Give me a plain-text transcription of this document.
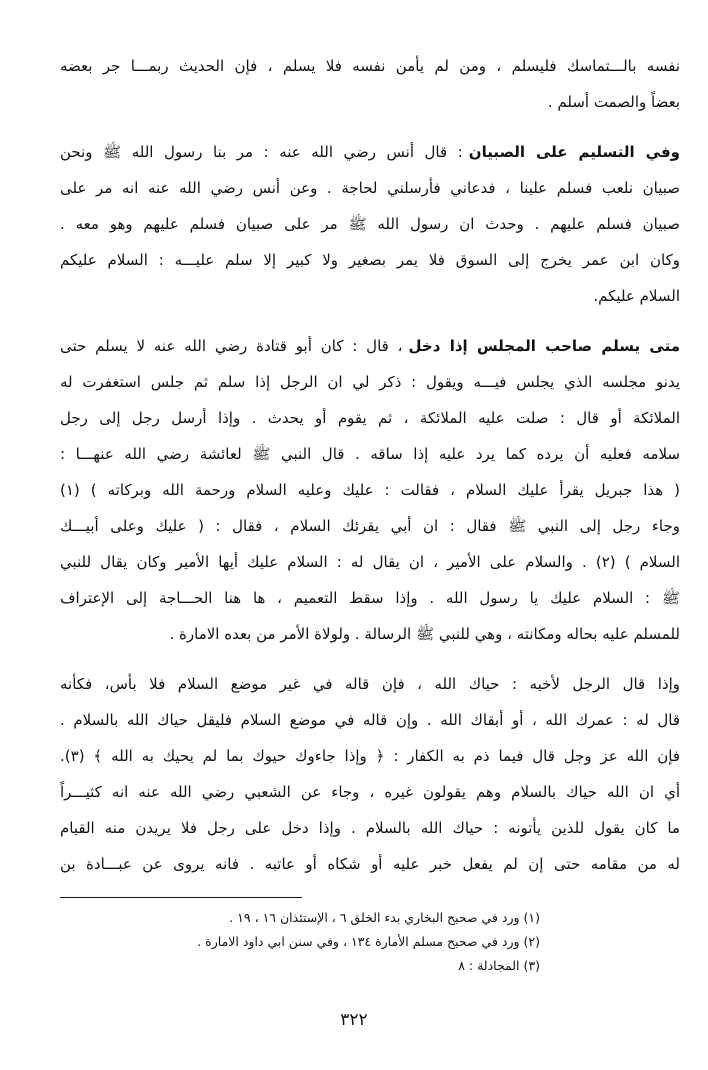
نفسه بالـــتماسك فليسلم ، ومن لم يأمن نفسه فلا يسلم ، فإن الحديث ربمـــا جر بعضه
بعضاً والصمت أسلم .
وفي التسليم على الصبيان: قال أنس رضي الله عنه : مر بنا رسول الله ﷺ ونحن
صبيان نلعب فسلم علينا ، فدعاني فأرسلني لحاجة . وعن أنس رضي الله عنه انه مر على
صبيان فسلم عليهم . وحدث ان رسول الله ﷺ مر على صبيان فسلم عليهم وهو معه .
وكان ابن عمر يخرج إلى السوق فلا يمر بصغير ولا كبير إلا سلم عليـــه : السلام عليكم
السلام عليكم.
متى يسلم صاحب المجلس إذا دخل، قال : كان أبو قتادة رضي الله عنه لا يسلم حتى
يدنو مجلسه الذي يجلس فيـــه ويقول : ذكر لي ان الرجل إذا سلم ثم جلس استغفرت له
الملائكة أو قال : صلت عليه الملائكة ، ثم يقوم أو يحدث . وإذا أرسل رجل إلى رجل
سلامه فعليه أن يرده كما يرد عليه إذا ساقه . قال النبي ﷺ لعائشة رضي الله عنهـــا :
( هذا جبريل يقرأ عليك السلام ، فقالت : عليك وعليه السلام ورحمة الله وبركاته ) (١)
وجاء رجل إلى النبي ﷺ فقال : ان أبي يقرئك السلام ، فقال : ( عليك وعلى أبيـــك
السلام ) (٢) . والسلام على الأمير ، ان يقال له : السلام عليك أيها الأمير وكان يقال للنبي
ﷺ : السلام عليك يا رسول الله . وإذا سقط التعميم ، ها هنا الحـــاجة إلى الإعتراف
للمسلم عليه بحاله ومكانته ، وهي للنبي ﷺ الرسالة . ولولاة الأمر من بعده الامارة .
وإذا قال الرجل لأخيه : حياك الله ، فإن قاله في غير موضع السلام فلا بأس، فكأنه
قال له : عمرك الله ، أو أبقاك الله . وإن قاله في موضع السلام فليقل حياك الله بالسلام .
فإن الله عز وجل قال فيما ذم به الكفار : ﴿ وإذا جاءوك حيوك بما لم يحيك به الله ﴾ (٣).
أي ان الله حياك بالسلام وهم يقولون غيره ، وجاء عن الشعبي رضي الله عنه انه كثيـــراً
ما كان يقول للذين يأتونه : حياك الله بالسلام . وإذا دخل على رجل فلا يريدن منه القيام
له من مقامه حتى إن لم يفعل خبر عليه أو شكاه أو عاتبه . فانه يروى عن عبـــادة بن
(١) ورد في صحيح البخاري بدء الخلق ٦ ، الإستئذان ١٦ ، ١٩ .
(٢) ورد في صحيح مسلم الأمارة ١٣٤ ، وفي سنن ابي داود الامارة .
(٣) المجادلة : ٨
٣٢٢
